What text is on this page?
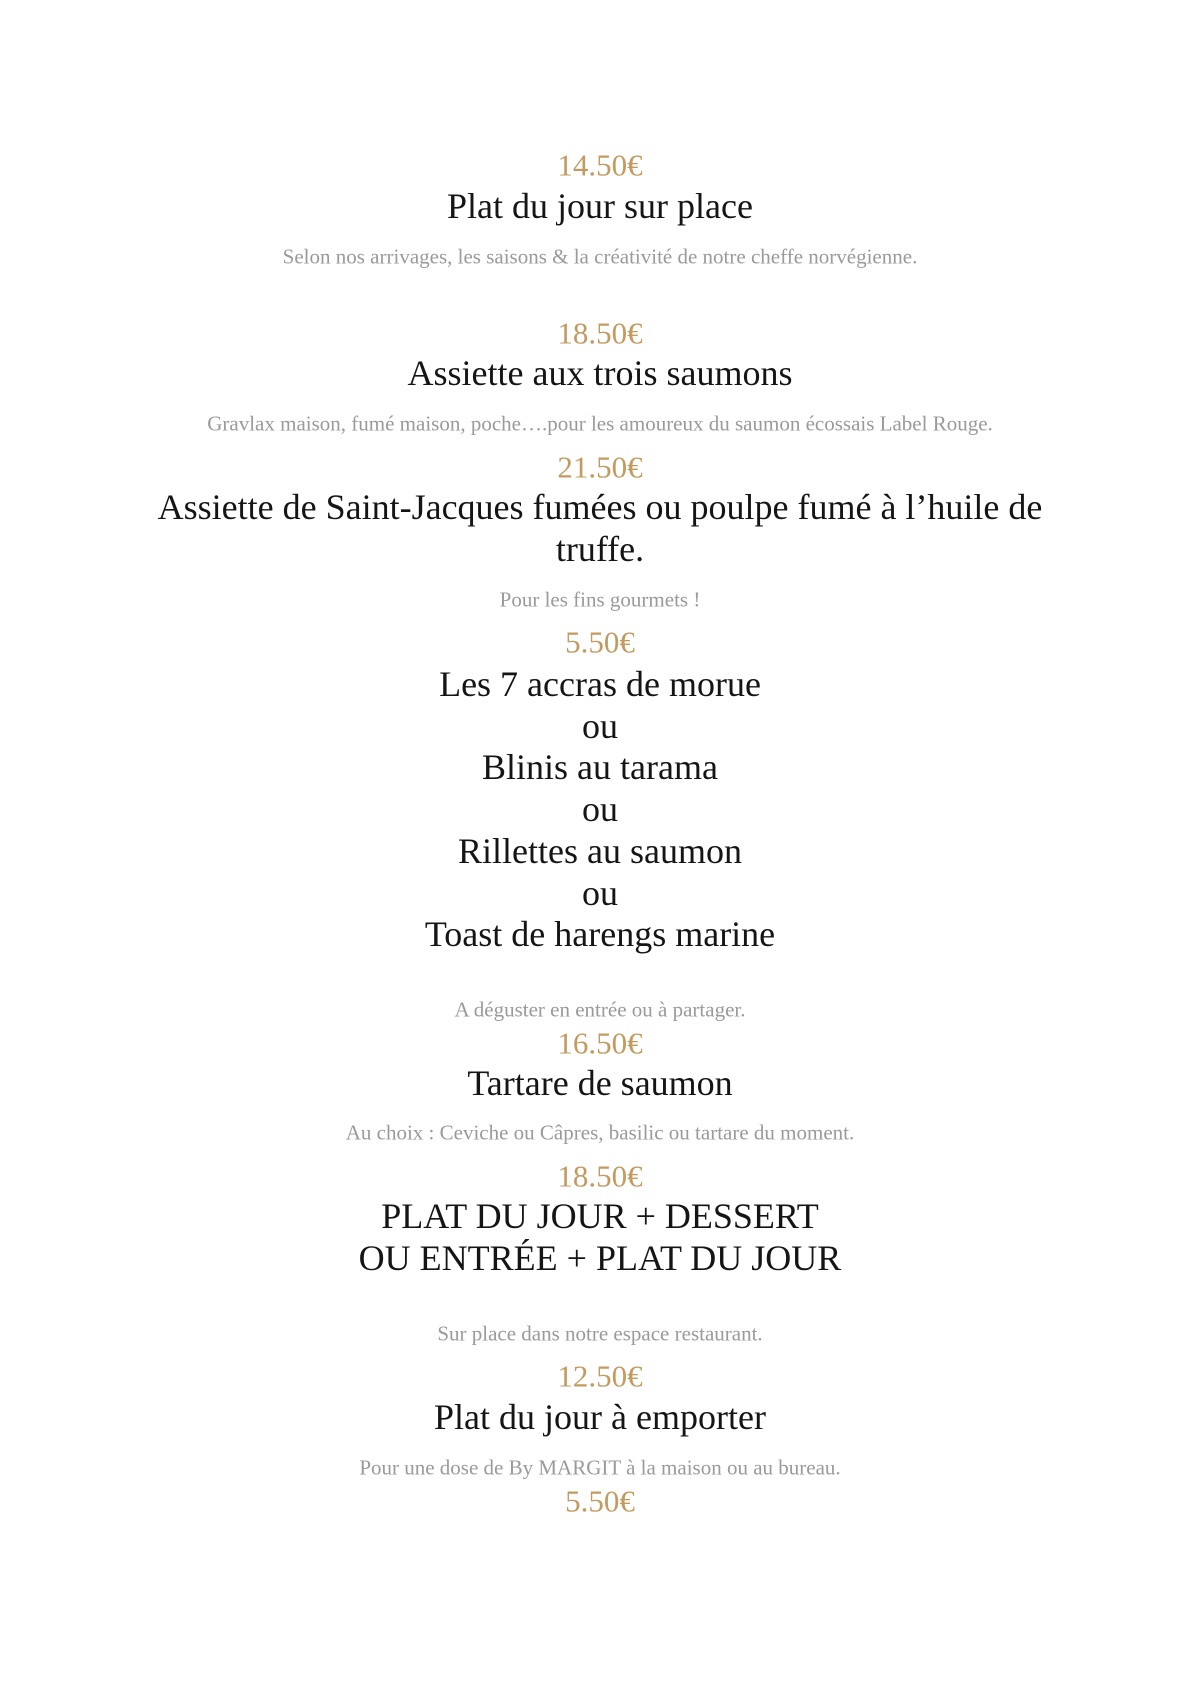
14.50€
Plat du jour sur place
Selon nos arrivages, les saisons & la créativité de notre cheffe norvégienne.
18.50€
Assiette aux trois saumons
Gravlax maison, fumé maison, poche….pour les amoureux du saumon écossais Label Rouge.
21.50€
Assiette de Saint-Jacques fumées ou poulpe fumé à l’huile de
truffe.
Pour les fins gourmets !
5.50€
Les 7 accras de morue
ou
Blinis au tarama
ou
Rillettes au saumon
ou
Toast de harengs marine
A déguster en entrée ou à partager.
16.50€
Tartare de saumon
Au choix : Ceviche ou Câpres, basilic ou tartare du moment.
18.50€
PLAT DU JOUR + DESSERT
OU ENTRÉE + PLAT DU JOUR
Sur place dans notre espace restaurant.
12.50€
Plat du jour à emporter
Pour une dose de By MARGIT à la maison ou au bureau.
5.50€
